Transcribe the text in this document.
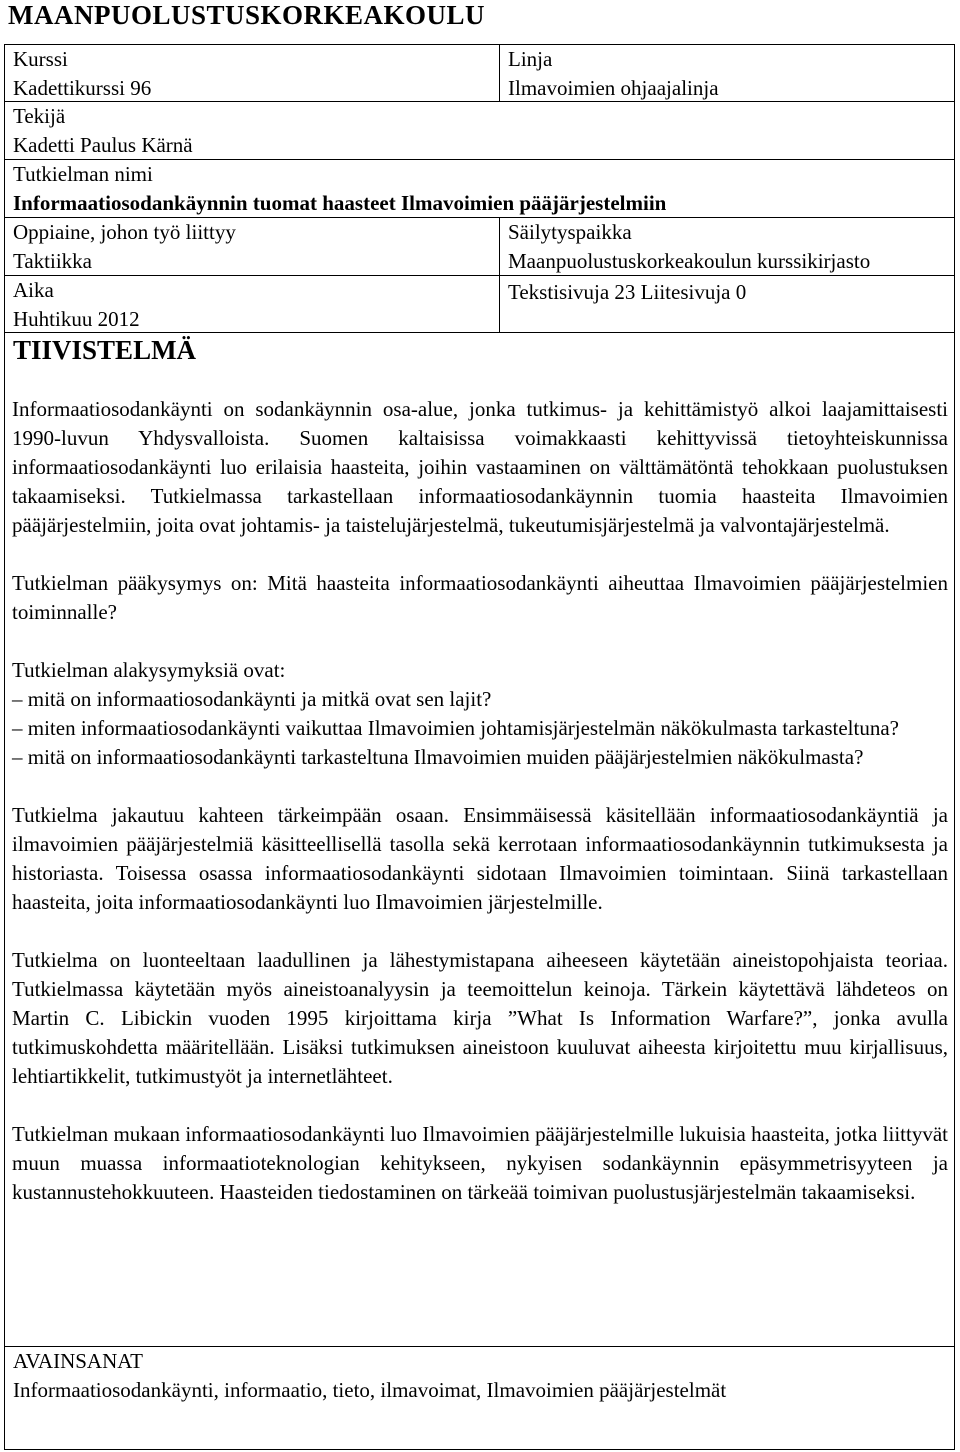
MAANPUOLUSTUSKORKEAKOULU
Kurssi
Kadettikurssi 96
Linja
Ilmavoimien ohjaajalinja
Tekijä
Kadetti Paulus Kärnä
Tutkielman nimi
Informaatiosodankäynnin tuomat haasteet Ilmavoimien pääjärjestelmiin
Oppiaine, johon työ liittyy
Taktiikka
Säilytyspaikka
Maanpuolustuskorkeakoulun kurssikirjasto
Aika
Huhtikuu 2012
Tekstisivuja 23 Liitesivuja 0
TIIVISTELMÄ

Informaatiosodankäynti on sodankäynnin osa-alue, jonka tutkimus- ja kehittämistyö alkoi laajamittaisesti 1990-luvun Yhdysvalloista. Suomen kaltaisissa voimakkaasti kehittyvissä tietoyhteiskunnissa informaatiosodankäynti luo erilaisia haasteita, joihin vastaaminen on välttämätöntä tehokkaan puolustuksen takaamiseksi. Tutkielmassa tarkastellaan informaatiosodankäynnin tuomia haasteita Ilmavoimien pääjärjestelmiin, joita ovat johtamis- ja taistelujärjestelmä, tukeutumisjärjestelmä ja valvontajärjestelmä.

Tutkielman pääkysymys on: Mitä haasteita informaatiosodankäynti aiheuttaa Ilmavoimien pääjärjestelmien toiminnalle?

Tutkielman alakysymyksiä ovat:

– mitä on informaatiosodankäynti ja mitkä ovat sen lajit?

– miten informaatiosodankäynti vaikuttaa Ilmavoimien johtamisjärjestelmän näkökulmasta tarkasteltuna?

– mitä on informaatiosodankäynti tarkasteltuna Ilmavoimien muiden pääjärjestelmien näkökulmasta?

Tutkielma jakautuu kahteen tärkeimpään osaan. Ensimmäisessä käsitellään informaatiosodankäyntiä ja ilmavoimien pääjärjestelmiä käsitteellisellä tasolla sekä kerrotaan informaatiosodankäynnin tutkimuksesta ja historiasta. Toisessa osassa informaatiosodankäynti sidotaan Ilmavoimien toimintaan. Siinä tarkastellaan haasteita, joita informaatiosodankäynti luo Ilmavoimien järjestelmille.

Tutkielma on luonteeltaan laadullinen ja lähestymistapana aiheeseen käytetään aineistopohjaista teoriaa. Tutkielmassa käytetään myös aineistoanalyysin ja teemoittelun keinoja. Tärkein käytettävä lähdeteos on Martin C. Libickin vuoden 1995 kirjoittama kirja ”What Is Information Warfare?”, jonka avulla tutkimuskohdetta määritellään. Lisäksi tutkimuksen aineistoon kuuluvat aiheesta kirjoitettu muu kirjallisuus, lehtiartikkelit, tutkimustyöt ja internetlähteet.

Tutkielman mukaan informaatiosodankäynti luo Ilmavoimien pääjärjestelmille lukuisia haasteita, jotka liittyvät muun muassa informaatioteknologian kehitykseen, nykyisen sodankäynnin epäsymmetrisyyteen ja kustannustehokkuuteen. Haasteiden tiedostaminen on tärkeää toimivan puolustusjärjestelmän takaamiseksi.

AVAINSANAT
Informaatiosodankäynti, informaatio, tieto, ilmavoimat, Ilmavoimien pääjärjestelmät
